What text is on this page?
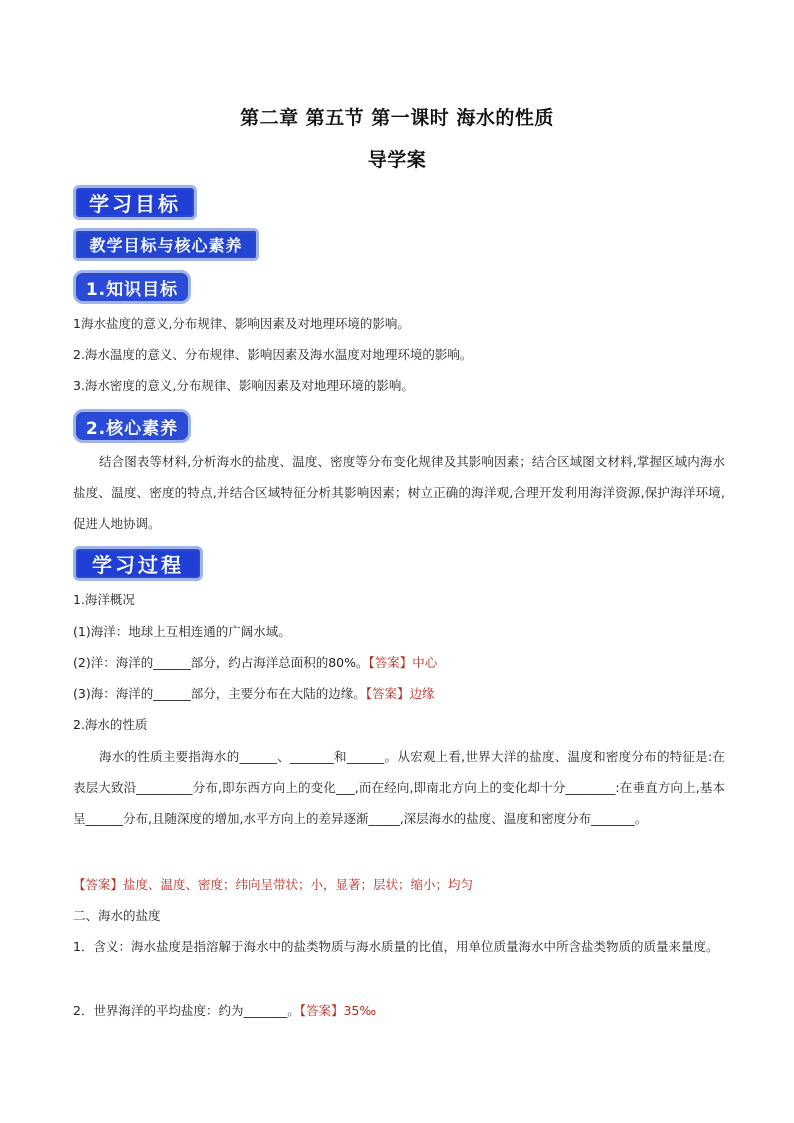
第二章 第五节 第一课时 海水的性质
导学案
学习目标
教学目标与核心素养
1.知识目标
1海水盐度的意义,分布规律、影响因素及对地理环境的影响。
2.海水温度的意义、分布规律、影响因素及海水温度对地理环境的影响。
3.海水密度的意义,分布规律、影响因素及对地理环境的影响。
2.核心素养
结合图表等材料,分析海水的盐度、温度、密度等分布变化规律及其影响因素；结合区域图文材料,掌握区域内海水盐度、温度、密度的特点,并结合区域特征分析其影响因素；树立正确的海洋观,合理开发利用海洋资源,保护海洋环境,促进人地协调。
学习过程
1.海洋概况
(1)海洋：地球上互相连通的广阔水域。
(2)洋：海洋的______部分，约占海洋总面积的80%。【答案】中心
(3)海：海洋的______部分，主要分布在大陆的边缘。【答案】边缘
2.海水的性质
海水的性质主要指海水的______、_______和______。从宏观上看,世界大洋的盐度、温度和密度分布的特征是:在表层大致沿_________分布,即东西方向上的变化___,而在经向,即南北方向上的变化却十分________:在垂直方向上,基本呈______分布,且随深度的增加,水平方向上的差异逐渐_____,深层海水的盐度、温度和密度分布_______。
【答案】盐度、温度、密度；纬向呈带状；小，显著；层状；缩小；均匀
二、海水的盐度
1．含义：海水盐度是指溶解于海水中的盐类物质与海水质量的比值，用单位质量海水中所含盐类物质的质量来量度。
2．世界海洋的平均盐度：约为_______。【答案】35‰
